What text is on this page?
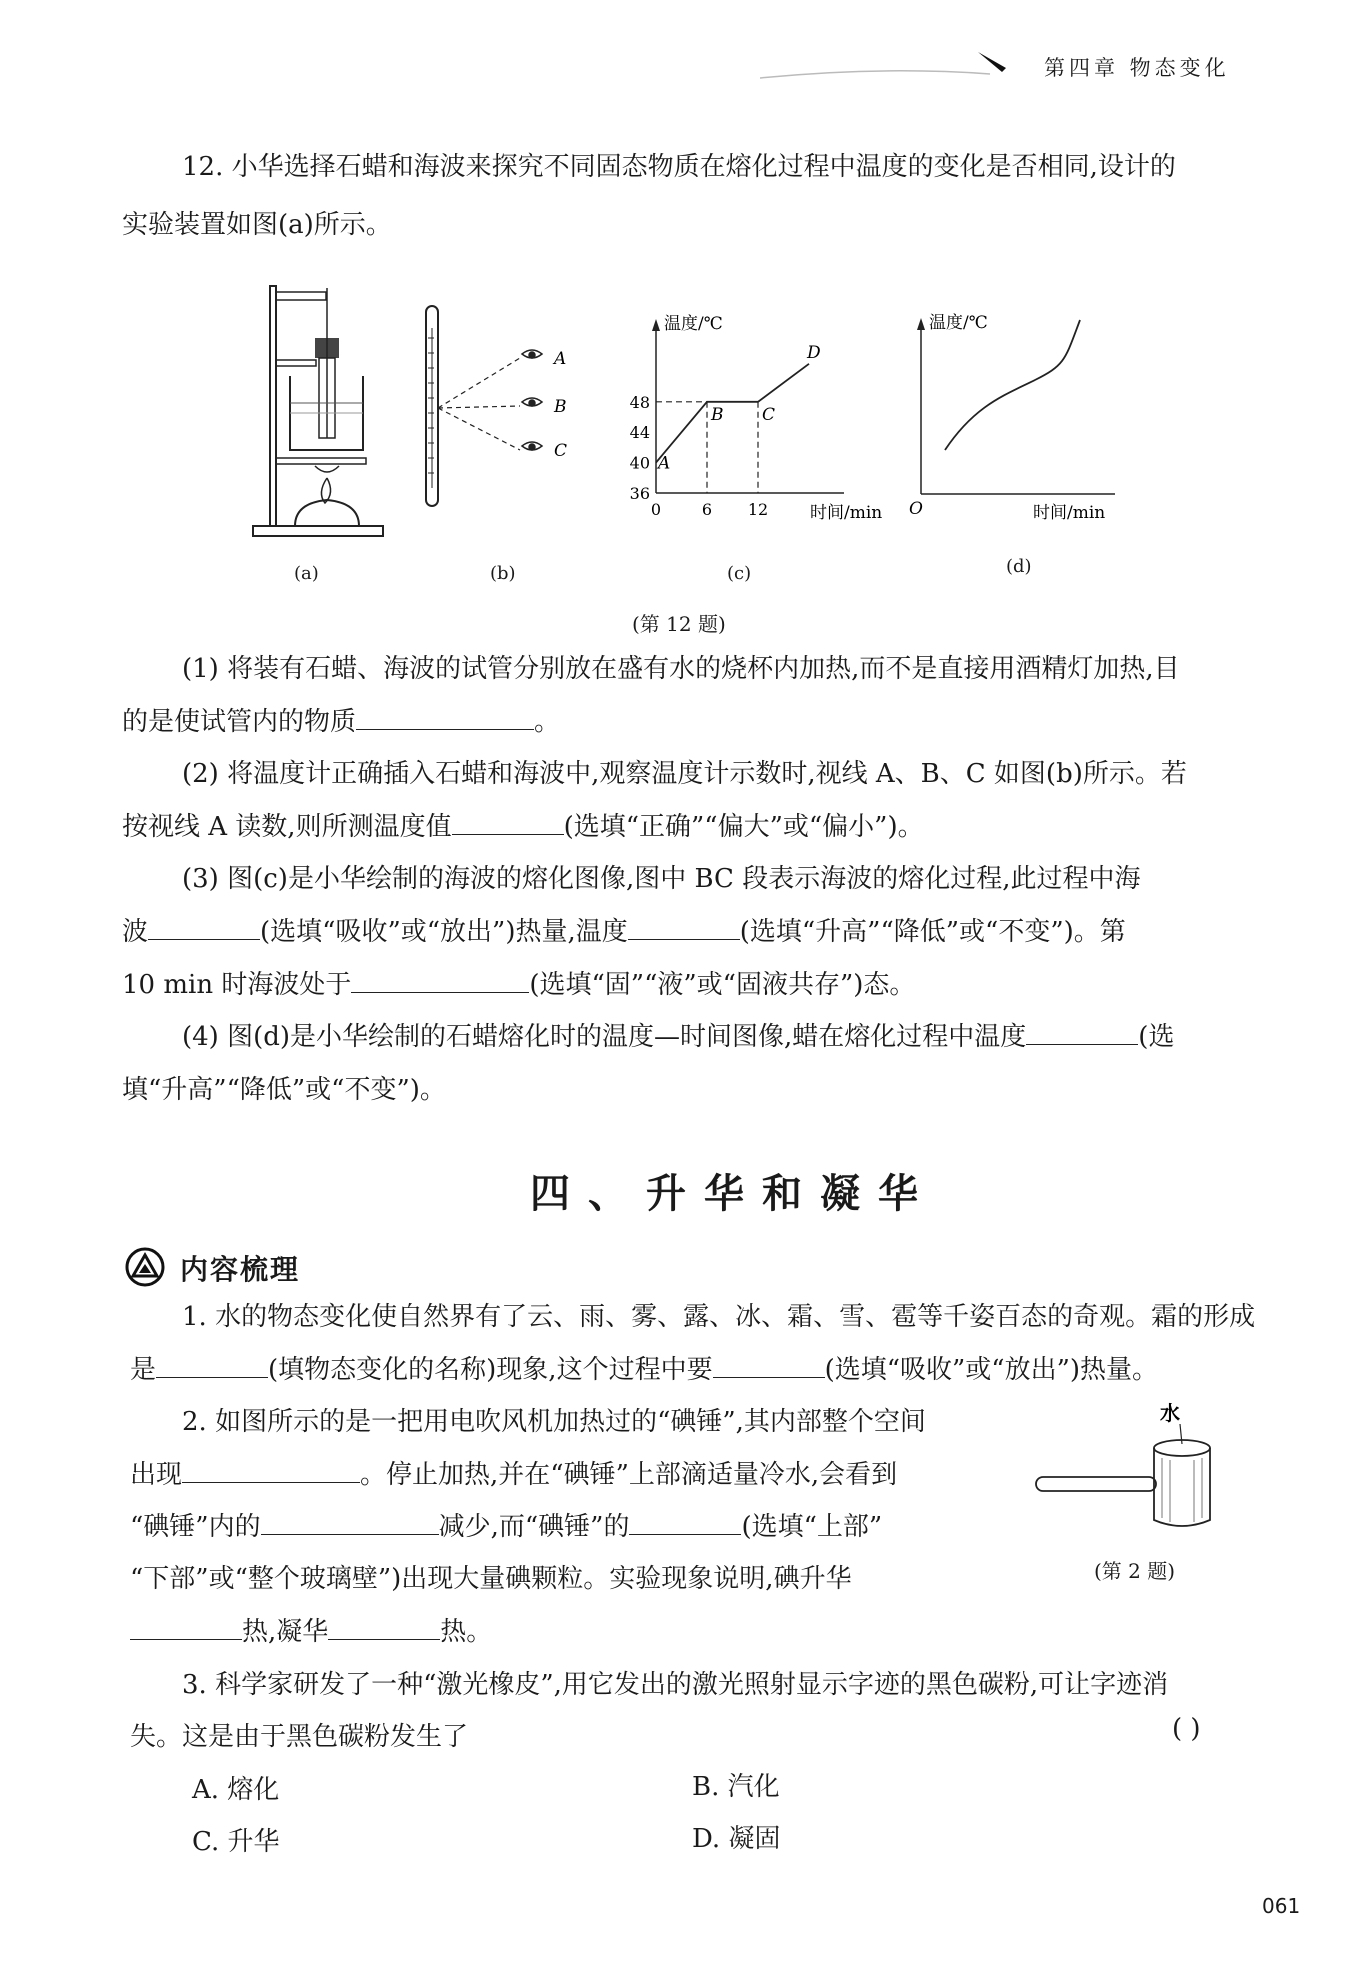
第四章 物态变化
12. 小华选择石蜡和海波来探究不同固态物质在熔化过程中温度的变化是否相同,设计的
实验装置如图(a)所示。
A
B
C
温度/℃
时间/min
36
40
44
48
0	6 12
A
B C
D
温度/℃
时间/min
O
(a)	(b)	(c)	(d)
(第 12 题)
(1) 将装有石蜡、海波的试管分别放在盛有水的烧杯内加热,而不是直接用酒精灯加热,目
的是使试管内的物质	。
(2) 将温度计正确插入石蜡和海波中,观察温度计示数时,视线 A、B、C 如图(b)所示。若
按视线 A 读数,则所测温度值	(选填“正确”“偏大”或“偏小”)。
(3) 图(c)是小华绘制的海波的熔化图像,图中 BC 段表示海波的熔化过程,此过程中海
波	(选填“吸收”或“放出”)热量,温度	(选填“升高”“降低”或“不变”)。第
10 min 时海波处于	(选填“固”“液”或“固液共存”)态。
(4) 图(d)是小华绘制的石蜡熔化时的温度—时间图像,蜡在熔化过程中温度	(选
填“升高”“降低”或“不变”)。
四、升华和凝华
内容梳理
1. 水的物态变化使自然界有了云、雨、雾、露、冰、霜、雪、雹等千姿百态的奇观。霜的形成
是	(填物态变化的名称)现象,这个过程中要	(选填“吸收”或“放出”)热量。
2. 如图所示的是一把用电吹风机加热过的“碘锤”,其内部整个空间
出现	。停止加热,并在“碘锤”上部滴适量冷水,会看到
“碘锤”内的	减少,而“碘锤”的	(选填“上部”
“下部”或“整个玻璃壁”)出现大量碘颗粒。实验现象说明,碘升华
热,凝华	热。
水
(第 2 题)
3. 科学家研发了一种“激光橡皮”,用它发出的激光照射显示字迹的黑色碳粉,可让字迹消
失。这是由于黑色碳粉发生了	( )
A. 熔化	B. 汽化
C. 升华	D. 凝固
061
